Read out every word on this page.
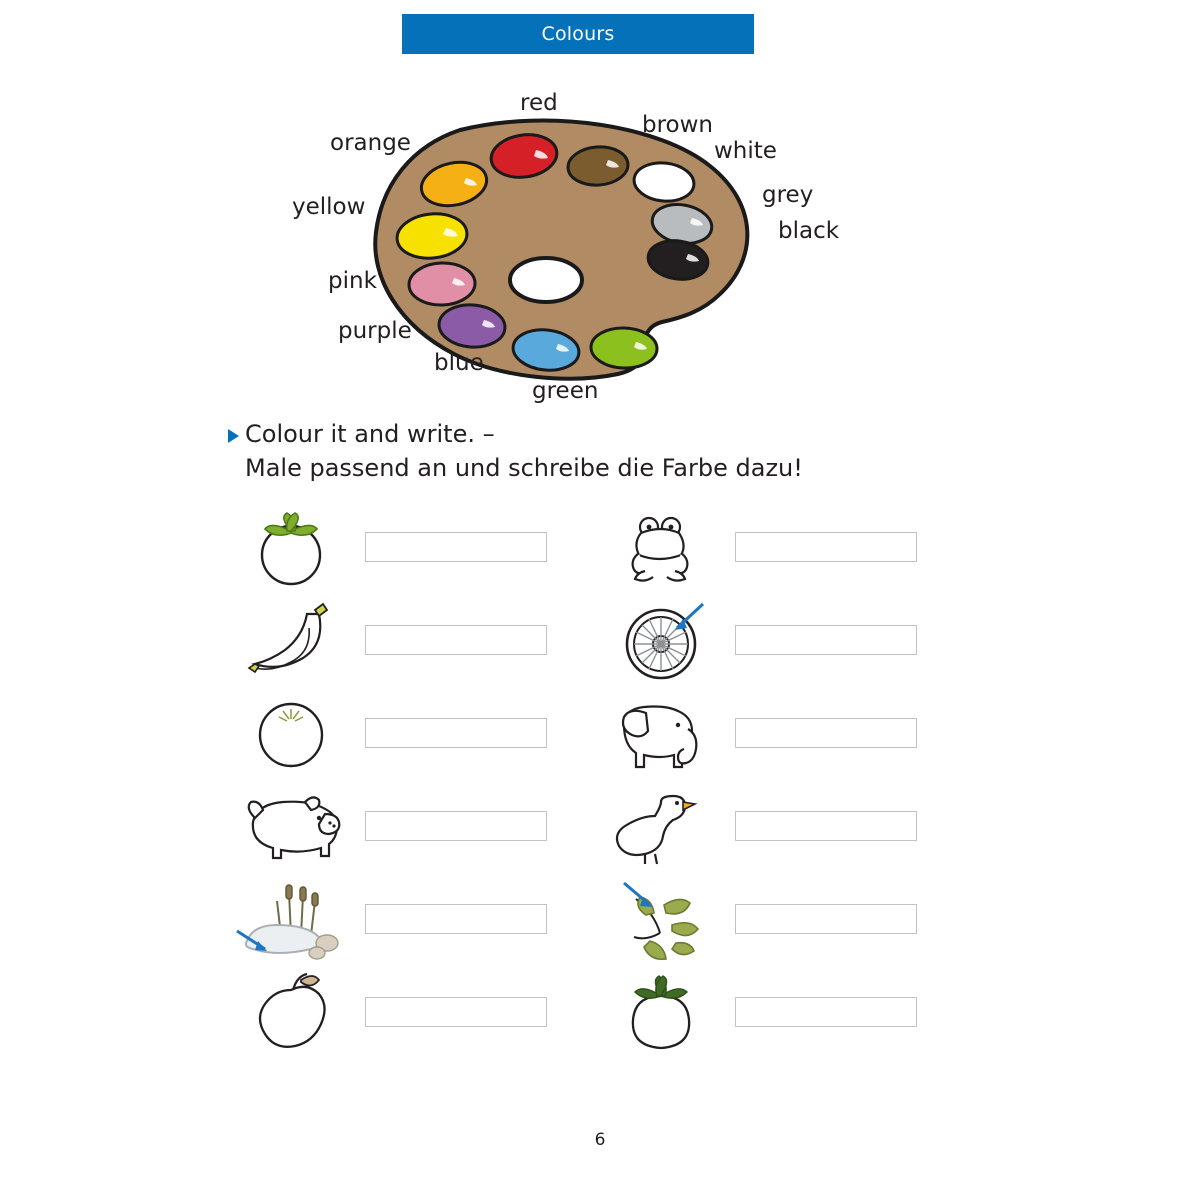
Colours
red
brown
white
grey
black
orange
yellow
pink
purple
blue
green
Colour it and write. –
Male passend an und schreibe die Farbe dazu!
6
